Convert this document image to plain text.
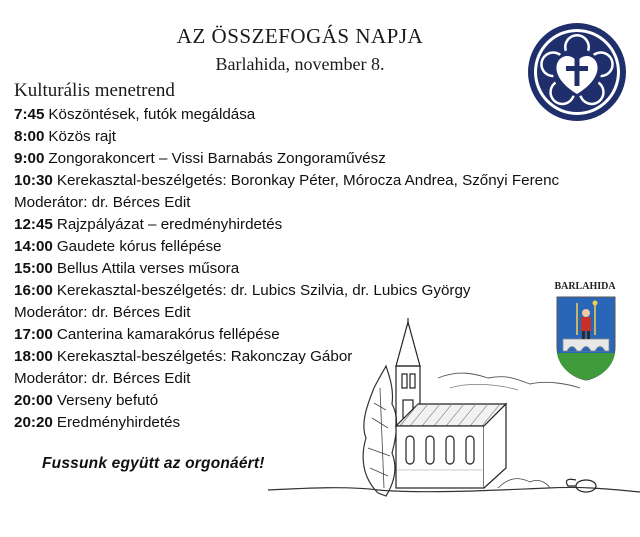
AZ ÖSSZEFOGÁS NAPJA
Barlahida, november 8.
Kulturális menetrend
7:45 Köszöntések, futók megáldása
8:00 Közös rajt
9:00 Zongorakoncert – Vissi Barnabás Zongoraművész
10:30 Kerekasztal-beszélgetés: Boronkay Péter, Mórocza Andrea, Szőnyi Ferenc
Moderátor: dr. Bérces Edit
12:45 Rajzpályázat – eredményhirdetés
14:00 Gaudete kórus fellépése
15:00 Bellus Attila verses műsora
16:00 Kerekasztal-beszélgetés: dr. Lubics Szilvia, dr. Lubics György
Moderátor: dr. Bérces Edit
17:00 Canterina kamarakórus fellépése
18:00 Kerekasztal-beszélgetés: Rakonczay Gábor
Moderátor: dr. Bérces Edit
20:00 Verseny befutó
20:20 Eredményhirdetés
Fussunk együtt az orgonáért!
BARLAHIDA
